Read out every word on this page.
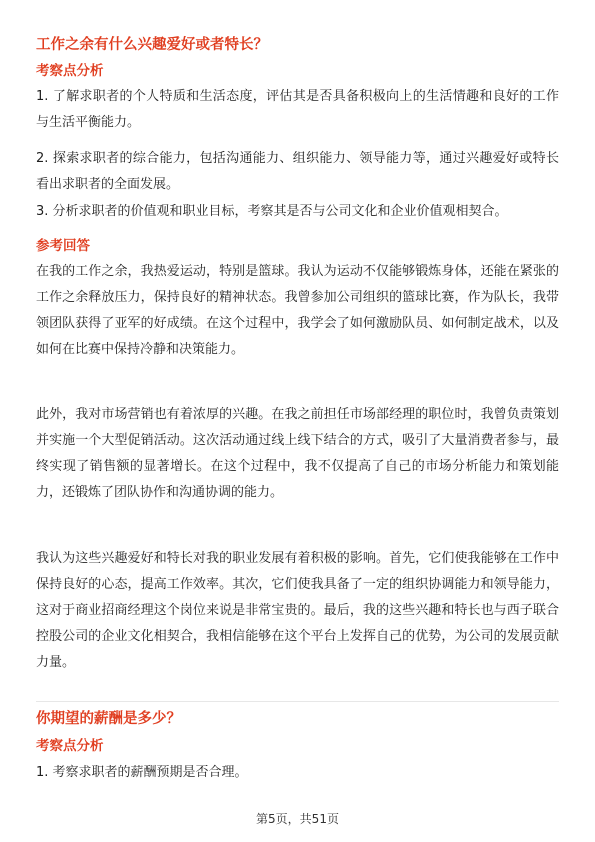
工作之余有什么兴趣爱好或者特长？
考察点分析

1. 了解求职者的个人特质和生活态度，评估其是否具备积极向上的生活情趣和良好的工作与生活平衡能力。

2. 探索求职者的综合能力，包括沟通能力、组织能力、领导能力等，通过兴趣爱好或特长看出求职者的全面发展。

3. 分析求职者的价值观和职业目标，考察其是否与公司文化和企业价值观相契合。

参考回答

在我的工作之余，我热爱运动，特别是篮球。我认为运动不仅能够锻炼身体，还能在紧张的工作之余释放压力，保持良好的精神状态。我曾参加公司组织的篮球比赛，作为队长，我带领团队获得了亚军的好成绩。在这个过程中，我学会了如何激励队员、如何制定战术，以及如何在比赛中保持冷静和决策能力。

此外，我对市场营销也有着浓厚的兴趣。在我之前担任市场部经理的职位时，我曾负责策划并实施一个大型促销活动。这次活动通过线上线下结合的方式，吸引了大量消费者参与，最终实现了销售额的显著增长。在这个过程中，我不仅提高了自己的市场分析能力和策划能力，还锻炼了团队协作和沟通协调的能力。

我认为这些兴趣爱好和特长对我的职业发展有着积极的影响。首先，它们使我能够在工作中保持良好的心态，提高工作效率。其次，它们使我具备了一定的组织协调能力和领导能力，这对于商业招商经理这个岗位来说是非常宝贵的。最后，我的这些兴趣和特长也与西子联合控股公司的企业文化相契合，我相信能够在这个平台上发挥自己的优势，为公司的发展贡献力量。

你期望的薪酬是多少？
考察点分析

1. 考察求职者的薪酬预期是否合理。

第5页，共51页
